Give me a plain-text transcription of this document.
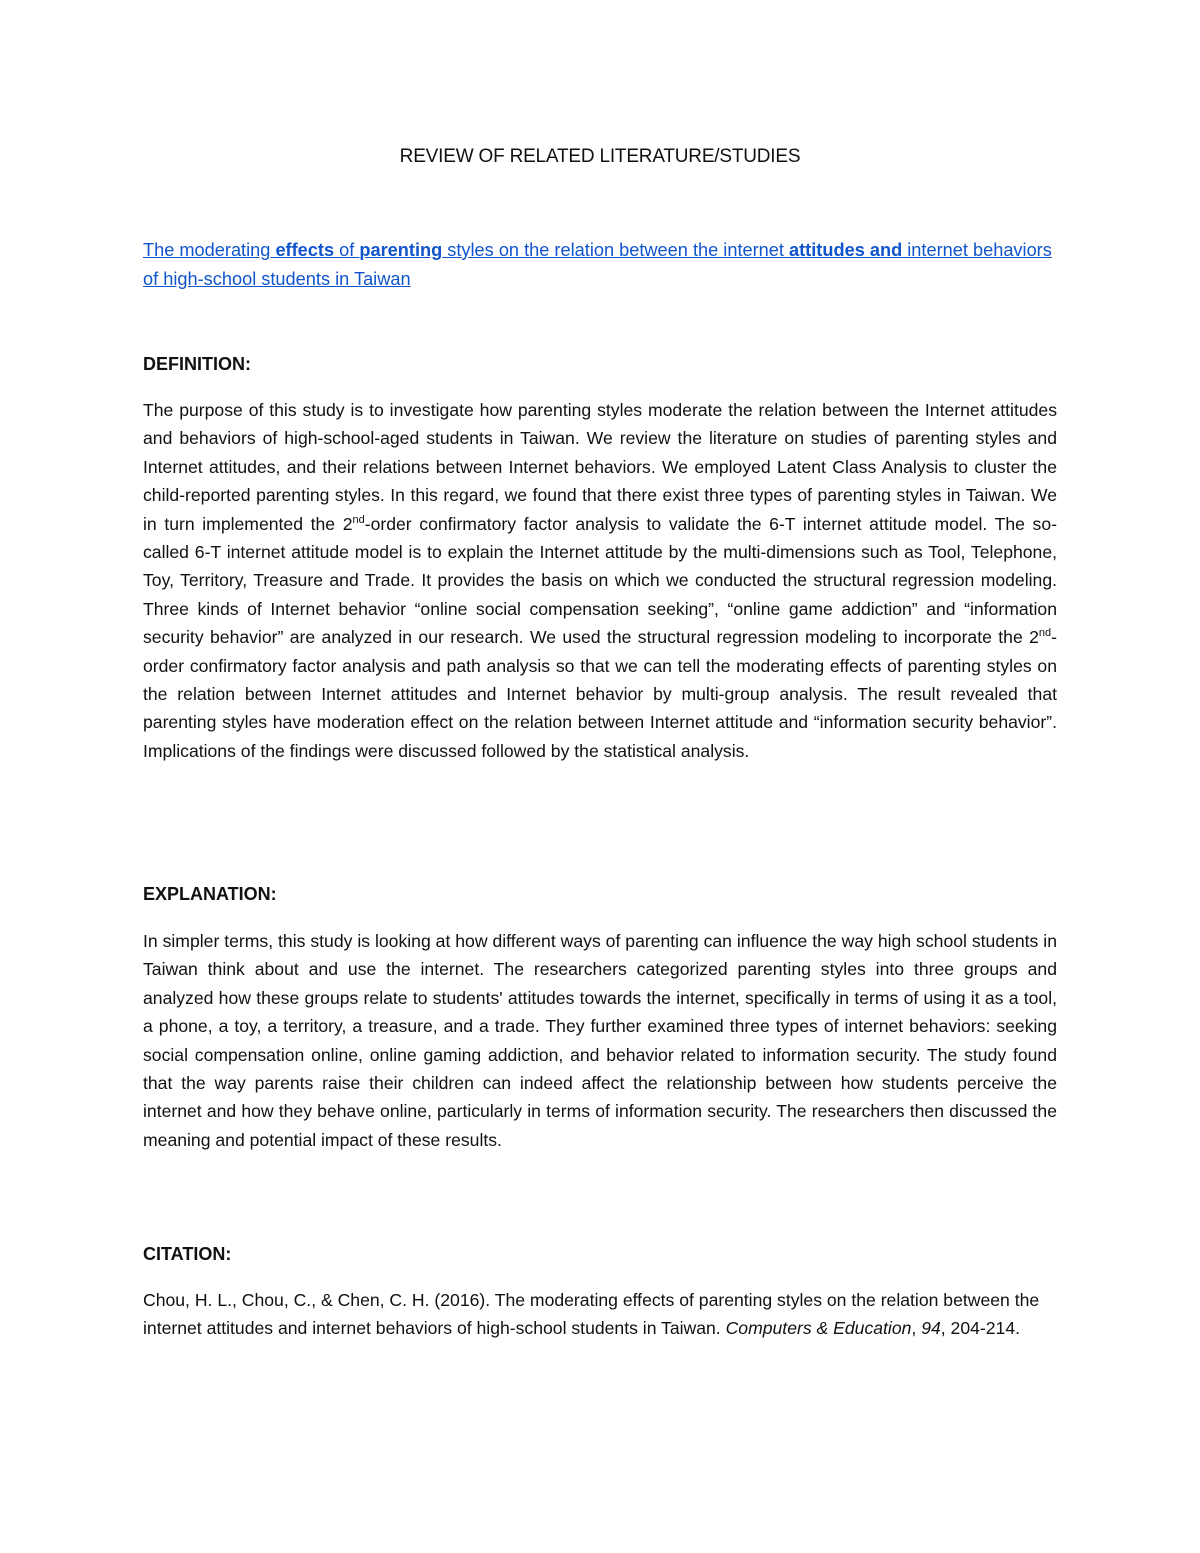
REVIEW OF RELATED LITERATURE/STUDIES
The moderating effects of parenting styles on the relation between the internet attitudes and internet behaviors of high-school students in Taiwan
DEFINITION:

The purpose of this study is to investigate how parenting styles moderate the relation between the Internet attitudes and behaviors of high-school-aged students in Taiwan. We review the literature on studies of parenting styles and Internet attitudes, and their relations between Internet behaviors. We employed Latent Class Analysis to cluster the child-reported parenting styles. In this regard, we found that there exist three types of parenting styles in Taiwan. We in turn implemented the 2nd-order confirmatory factor analysis to validate the 6-T internet attitude model. The so-called 6-T internet attitude model is to explain the Internet attitude by the multi-dimensions such as Tool, Telephone, Toy, Territory, Treasure and Trade. It provides the basis on which we conducted the structural regression modeling. Three kinds of Internet behavior “online social compensation seeking”, “online game addiction” and “information security behavior” are analyzed in our research. We used the structural regression modeling to incorporate the 2nd-order confirmatory factor analysis and path analysis so that we can tell the moderating effects of parenting styles on the relation between Internet attitudes and Internet behavior by multi-group analysis. The result revealed that parenting styles have moderation effect on the relation between Internet attitude and “information security behavior”. Implications of the findings were discussed followed by the statistical analysis.

EXPLANATION:

In simpler terms, this study is looking at how different ways of parenting can influence the way high school students in Taiwan think about and use the internet. The researchers categorized parenting styles into three groups and analyzed how these groups relate to students' attitudes towards the internet, specifically in terms of using it as a tool, a phone, a toy, a territory, a treasure, and a trade. They further examined three types of internet behaviors: seeking social compensation online, online gaming addiction, and behavior related to information security. The study found that the way parents raise their children can indeed affect the relationship between how students perceive the internet and how they behave online, particularly in terms of information security. The researchers then discussed the meaning and potential impact of these results.

CITATION:

Chou, H. L., Chou, C., & Chen, C. H. (2016). The moderating effects of parenting styles on the relation between the internet attitudes and internet behaviors of high-school students in Taiwan. Computers & Education, 94, 204-214.
